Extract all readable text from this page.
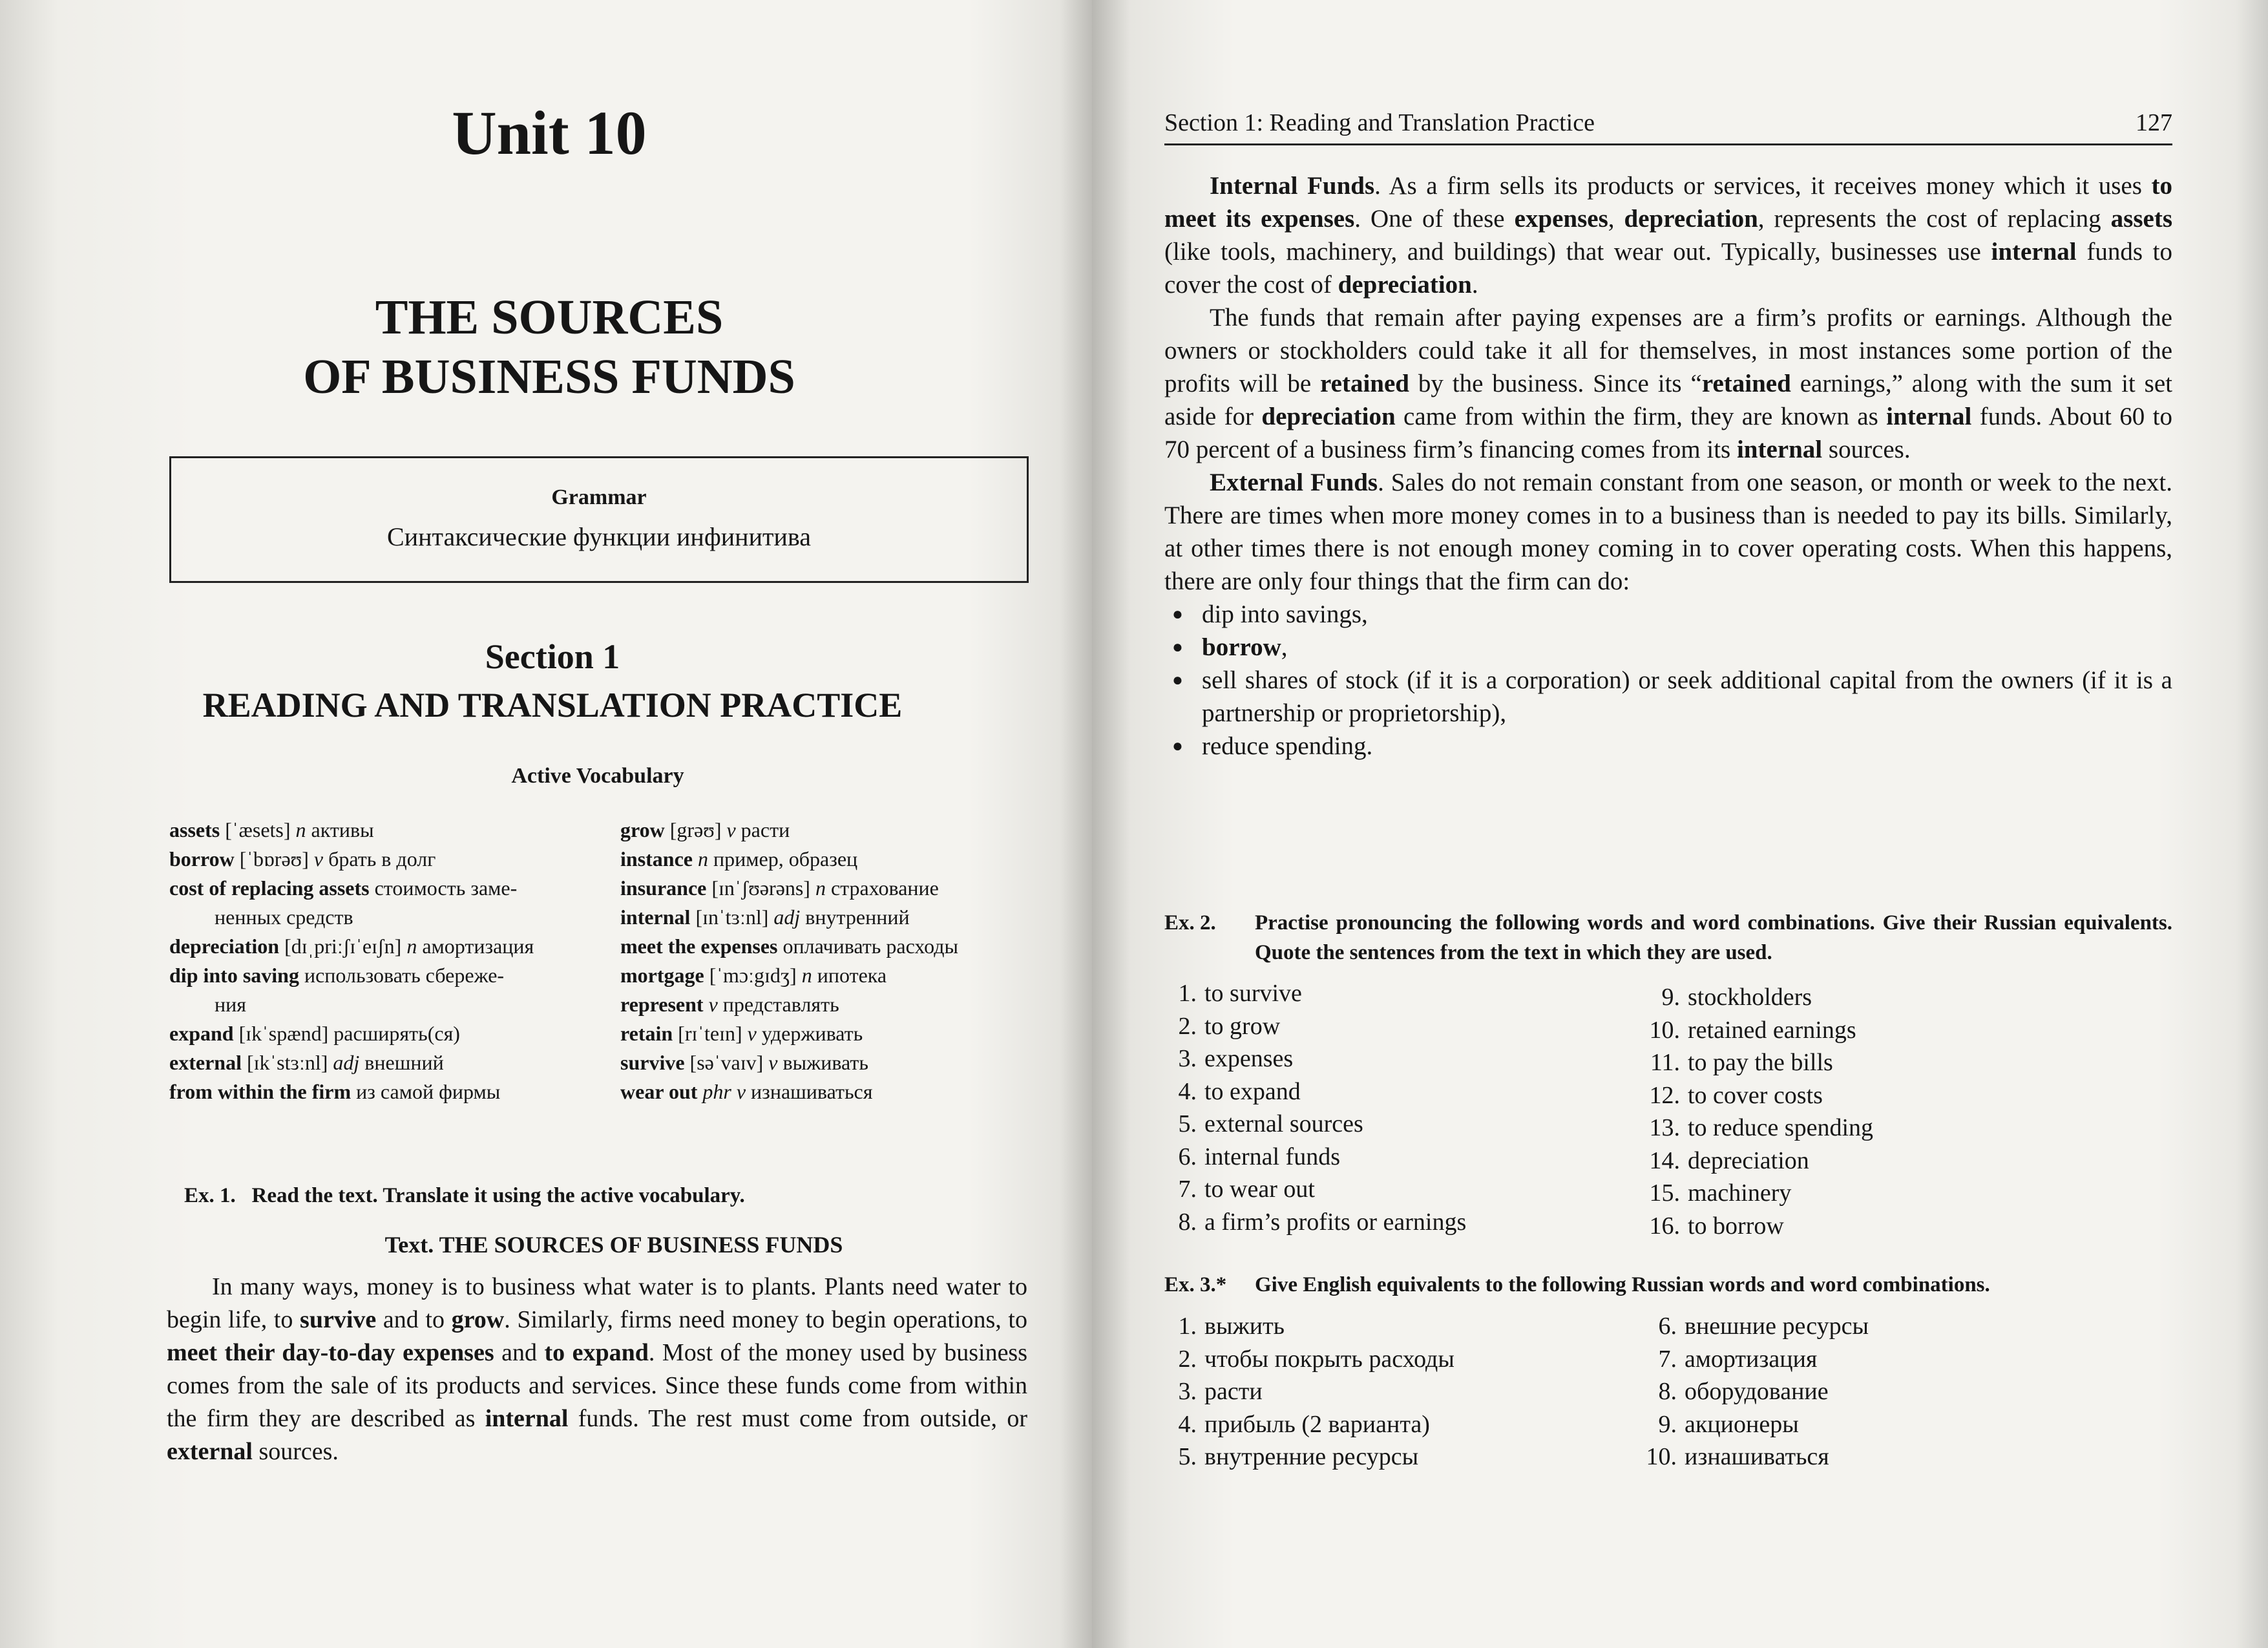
Unit 10
THE SOURCES
OF BUSINESS FUNDS
Grammar
Синтаксические функции инфинитива
Section 1
READING AND TRANSLATION PRACTICE
Active Vocabulary
assets [ˈæsets] n активы
borrow [ˈbɒrəʊ] v брать в долг
cost of replacing assets стоимость заме-
ненных средств
depreciation [dɪˌpriːʃɪˈeɪʃn] n амортизация
dip into saving использовать сбереже-
ния
expand [ɪkˈspænd] расширять(ся)
external [ɪkˈstɜːnl] adj внешний
from within the firm из самой фирмы
grow [grəʊ] v расти
instance n пример, образец
insurance [ɪnˈʃʊərəns] n страхование
internal [ɪnˈtɜːnl] adj внутренний
meet the expenses оплачивать расходы
mortgage [ˈmɔːgɪdʒ] n ипотека
represent v представлять
retain [rɪˈteɪn] v удерживать
survive [səˈvaɪv] v выживать
wear out phr v изнашиваться
Ex. 1. Read the text. Translate it using the active vocabulary.
Text. THE SOURCES OF BUSINESS FUNDS

In many ways, money is to business what water is to plants. Plants need water to begin life, to survive and to grow. Similarly, firms need money to begin operations, to meet their day-to-day expenses and to expand. Most of the money used by business comes from the sale of its products and services. Since these funds come from within the firm they are described as internal funds. The rest must come from outside, or external sources.

Section 1: Reading and Translation Practice	127

Internal Funds. As a firm sells its products or services, it receives money which it uses to meet its expenses. One of these expenses, depreciation, represents the cost of replacing assets (like tools, machinery, and buildings) that wear out. Typically, businesses use internal funds to cover the cost of depreciation.

The funds that remain after paying expenses are a firm’s profits or earnings. Although the owners or stockholders could take it all for themselves, in most instances some portion of the profits will be retained by the business. Since its “retained earnings,” along with the sum it set aside for depreciation came from within the firm, they are known as internal funds. About 60 to 70 percent of a business firm’s financing comes from its internal sources.

External Funds. Sales do not remain constant from one season, or month or week to the next. There are times when more money comes in to a business than is needed to pay its bills. Similarly, at other times there is not enough money coming in to cover operating costs. When this happens, there are only four things that the firm can do:

● dip into savings,
● borrow,
● sell shares of stock (if it is a corporation) or seek additional capital from the owners (if it is a partnership or proprietorship),
● reduce spending.
Ex. 2. Practise pronouncing the following words and word combinations. Give their Russian equivalents. Quote the sentences from the text in which they are used.
1. to survive
2. to grow
3. expenses
4. to expand
5. external sources
6. internal funds
7. to wear out
8. a firm’s profits or earnings
9. stockholders
10. retained earnings
11. to pay the bills
12. to cover costs
13. to reduce spending
14. depreciation
15. machinery
16. to borrow
Ex. 3.* Give English equivalents to the following Russian words and word combinations.
1. выжить
2. чтобы покрыть расходы
3. расти
4. прибыль (2 варианта)
5. внутренние ресурсы
6. внешние ресурсы
7. амортизация
8. оборудование
9. акционеры
10. изнашиваться
